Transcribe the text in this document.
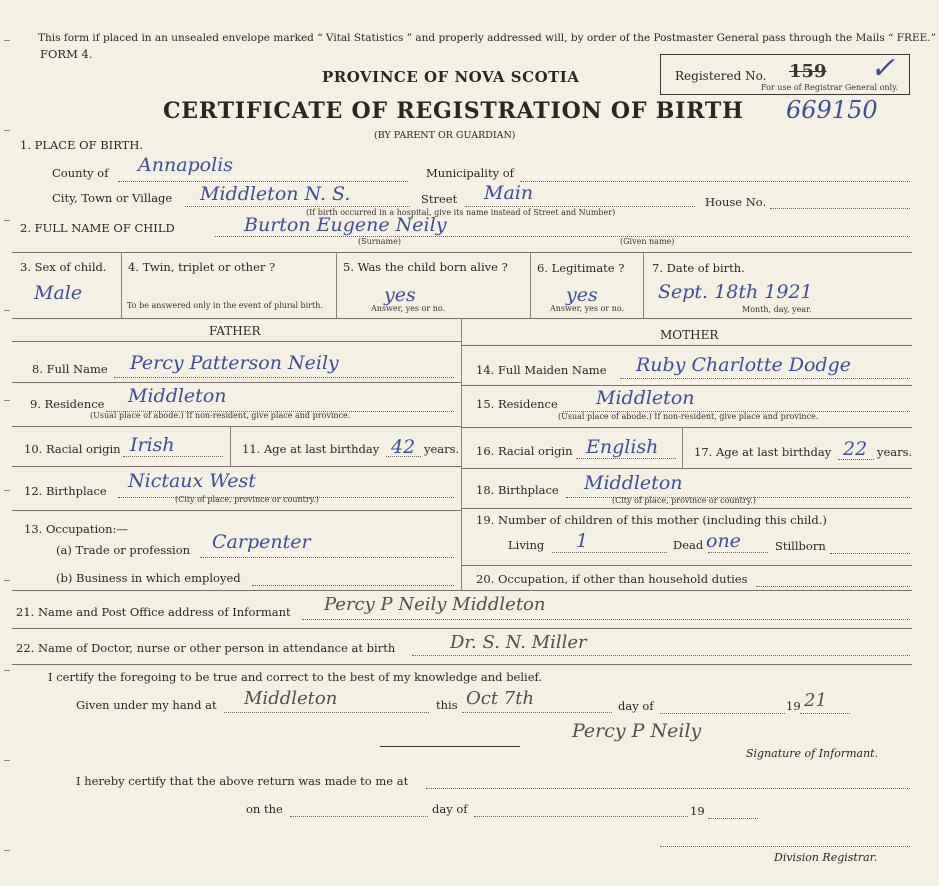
This form if placed in an unsealed envelope marked “ Vital Statistics ” and properly addressed will, by order of the Postmaster General pass through the Mails “ FREE.”
FORM 4.
PROVINCE OF NOVA SCOTIA
CERTIFICATE OF REGISTRATION OF BIRTH
(BY PARENT OR GUARDIAN)
Registered No. 159
For use of Registrar General only.
✓
669150
1. PLACE OF BIRTH.
County of Annapolis	Municipality of
City, Town or Village Middleton N. S.	Street Main	House No.
(If birth occurred in a hospital, give its name instead of Street and Number)
2. FULL NAME OF CHILD	Burton Eugene Neily
(Surname)	(Given name)
3. Sex of child.
Male
4. Twin, triplet or other ?
To be answered only in the event of plural birth.
5. Was the child born alive ?
yes
Answer, yes or no.
6. Legitimate ?
yes
Answer, yes or no.
7. Date of birth.
Sept. 18th 1921
Month, day, year.
FATHER	MOTHER
8. Full Name Percy Patterson Neily
9. Residence Middleton
(Usual place of abode.) If non-resident, give place and province.
10. Racial origin Irish	11. Age at last birthday 42 years.
12. Birthplace Nictaux West
(City of place, province or country.)
13. Occupation:—
(a) Trade or profession Carpenter
(b) Business in which employed
14. Full Maiden Name Ruby Charlotte Dodge
15. Residence Middleton
(Usual place of abode.) If non-resident, give place and province.
16. Racial origin English	17. Age at last birthday 22 years.
18. Birthplace Middleton
(City of place, province or country.)
19. Number of children of this mother (including this child.)
Living 1	Dead one	Stillborn
20. Occupation, if other than household duties
21. Name and Post Office address of Informant Percy P Neily Middleton
22. Name of Doctor, nurse or other person in attendance at birth	Dr. S. N. Miller
I certify the foregoing to be true and correct to the best of my knowledge and belief.
Given under my hand at Middleton	this Oct 7th	day of	19 21
Percy P Neily
Signature of Informant.
I hereby certify that the above return was made to me at
on the	day of	19
Division Registrar.
